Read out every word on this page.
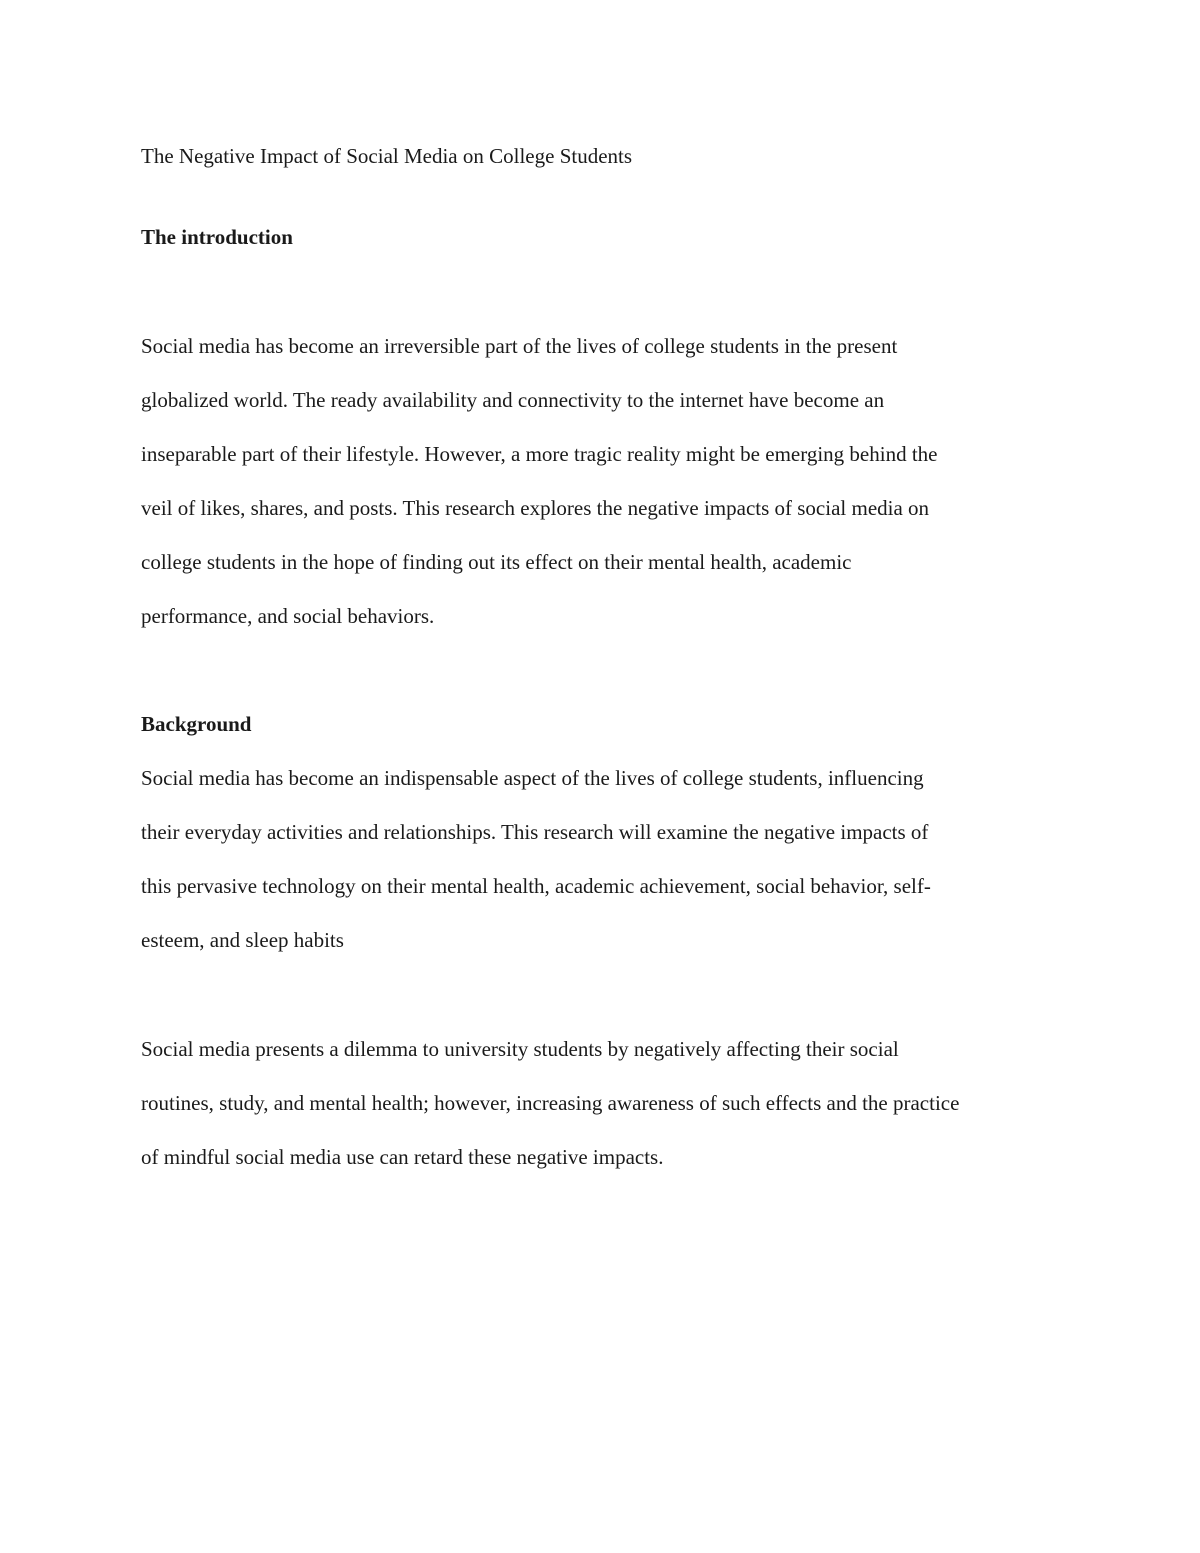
The Negative Impact of Social Media on College Students
The introduction
Social media has become an irreversible part of the lives of college students in the present
globalized world. The ready availability and connectivity to the internet have become an
inseparable part of their lifestyle. However, a more tragic reality might be emerging behind the
veil of likes, shares, and posts. This research explores the negative impacts of social media on
college students in the hope of finding out its effect on their mental health, academic
performance, and social behaviors.
Background
Social media has become an indispensable aspect of the lives of college students, influencing
their everyday activities and relationships. This research will examine the negative impacts of
this pervasive technology on their mental health, academic achievement, social behavior, self-
esteem, and sleep habits
Social media presents a dilemma to university students by negatively affecting their social
routines, study, and mental health; however, increasing awareness of such effects and the practice
of mindful social media use can retard these negative impacts.
